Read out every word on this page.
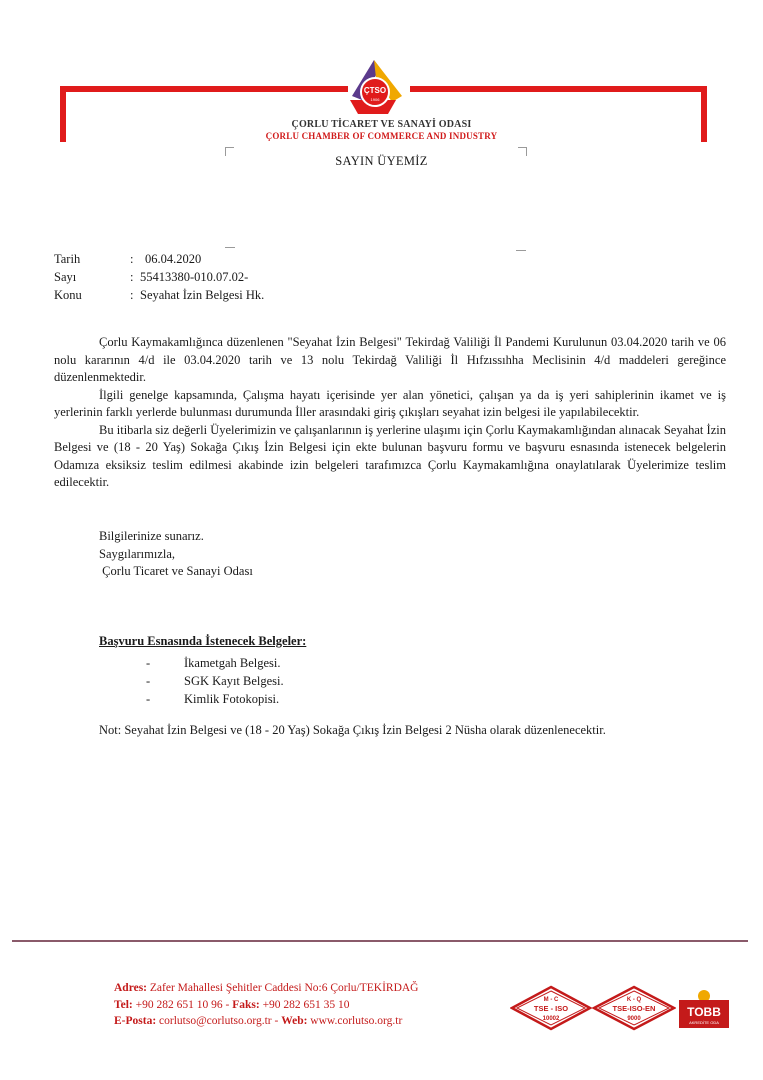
ÇTSO
1906
ÇORLU TİCARET VE SANAYİ ODASI
ÇORLU CHAMBER OF COMMERCE AND INDUSTRY
SAYIN ÜYEMİZ
Tarih	: 06.04.2020
Sayı	: 55413380-010.07.02-
Konu	: Seyahat İzin Belgesi Hk.

Çorlu Kaymakamlığınca düzenlenen "Seyahat İzin Belgesi" Tekirdağ Valiliği İl Pandemi Kurulunun 03.04.2020 tarih ve 06 nolu kararının 4/d ile 03.04.2020 tarih ve 13 nolu Tekirdağ Valiliği İl Hıfzıssıhha Meclisinin 4/d maddeleri gereğince düzenlenmektedir.

İlgili genelge kapsamında, Çalışma hayatı içerisinde yer alan yönetici, çalışan ya da iş yeri sahiplerinin ikamet ve iş yerlerinin farklı yerlerde bulunması durumunda İller arasındaki giriş çıkışları seyahat izin belgesi ile yapılabilecektir.

Bu itibarla siz değerli Üyelerimizin ve çalışanlarının iş yerlerine ulaşımı için Çorlu Kaymakamlığından alınacak Seyahat İzin Belgesi ve (18 - 20 Yaş) Sokağa Çıkış İzin Belgesi için ekte bulunan başvuru formu ve başvuru esnasında istenecek belgelerin Odamıza eksiksiz teslim edilmesi akabinde izin belgeleri tarafımızca Çorlu Kaymakamlığına onaylatılarak Üyelerimize teslim edilecektir.

Bilgilerinize sunarız.
Saygılarımızla,
Çorlu Ticaret ve Sanayi Odası
Başvuru Esnasında İstenecek Belgeler:
-	İkametgah Belgesi.
-	SGK Kayıt Belgesi.
-	Kimlik Fotokopisi.
Not: Seyahat İzin Belgesi ve (18 - 20 Yaş) Sokağa Çıkış İzin Belgesi 2 Nüsha olarak düzenlenecektir.
Adres: Zafer Mahallesi Şehitler Caddesi No:6 Çorlu/TEKİRDAĞ
Tel: +90 282 651 10 96 - Faks: +90 282 651 35 10
E-Posta: corlutso@corlutso.org.tr - Web: www.corlutso.org.tr
M - C
TSE - ISO
10002
K - Q
TSE-ISO-EN
9000	TOBB
AKREDİTE ODA
